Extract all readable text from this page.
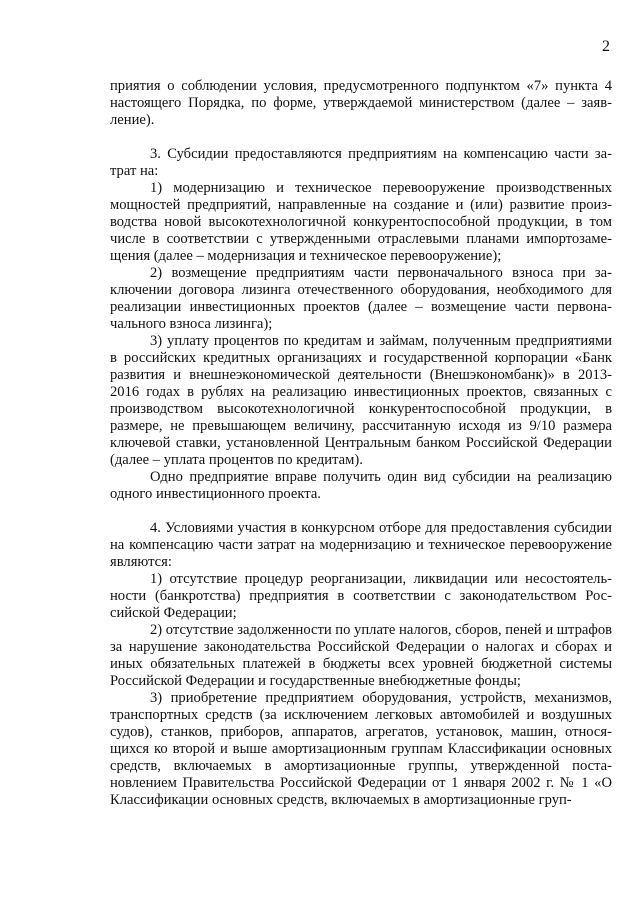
2

приятия о соблюдении условия, предусмотренного подпунктом «7» пункта 4 настоящего Порядка, по форме, утверждаемой министерством (далее – заявление).

3. Субсидии предоставляются предприятиям на компенсацию части затрат на:

1) модернизацию и техническое перевооружение производственных мощностей предприятий, направленные на создание и (или) развитие производства новой высокотехнологичной конкурентоспособной продукции, в том числе в соответствии с утвержденными отраслевыми планами импортозамещения (далее – модернизация и техническое перевооружение);

2) возмещение предприятиям части первоначального взноса при заключении договора лизинга отечественного оборудования, необходимого для реализации инвестиционных проектов (далее – возмещение части первоначального взноса лизинга);

3) уплату процентов по кредитам и займам, полученным предприятиями в российских кредитных организациях и государственной корпорации «Банк развития и внешнеэкономической деятельности (Внешэкономбанк)» в 2013-2016 годах в рублях на реализацию инвестиционных проектов, связанных с производством высокотехнологичной конкурентоспособной продукции, в размере, не превышающем величину, рассчитанную исходя из 9/10 размера ключевой ставки, установленной Центральным банком Российской Федерации (далее – уплата процентов по кредитам).

Одно предприятие вправе получить один вид субсидии на реализацию одного инвестиционного проекта.

4. Условиями участия в конкурсном отборе для предоставления субсидии на компенсацию части затрат на модернизацию и техническое перевооружение являются:

1) отсутствие процедур реорганизации, ликвидации или несостоятельности (банкротства) предприятия в соответствии с законодательством Российской Федерации;

2) отсутствие задолженности по уплате налогов, сборов, пеней и штрафов за нарушение законодательства Российской Федерации о налогах и сборах и иных обязательных платежей в бюджеты всех уровней бюджетной системы Российской Федерации и государственные внебюджетные фонды;

3) приобретение предприятием оборудования, устройств, механизмов, транспортных средств (за исключением легковых автомобилей и воздушных судов), станков, приборов, аппаратов, агрегатов, установок, машин, относящихся ко второй и выше амортизационным группам Классификации основных средств, включаемых в амортизационные группы, утвержденной постановлением Правительства Российской Федерации от 1 января 2002 г. № 1 «О Классификации основных средств, включаемых в амортизационные груп-
